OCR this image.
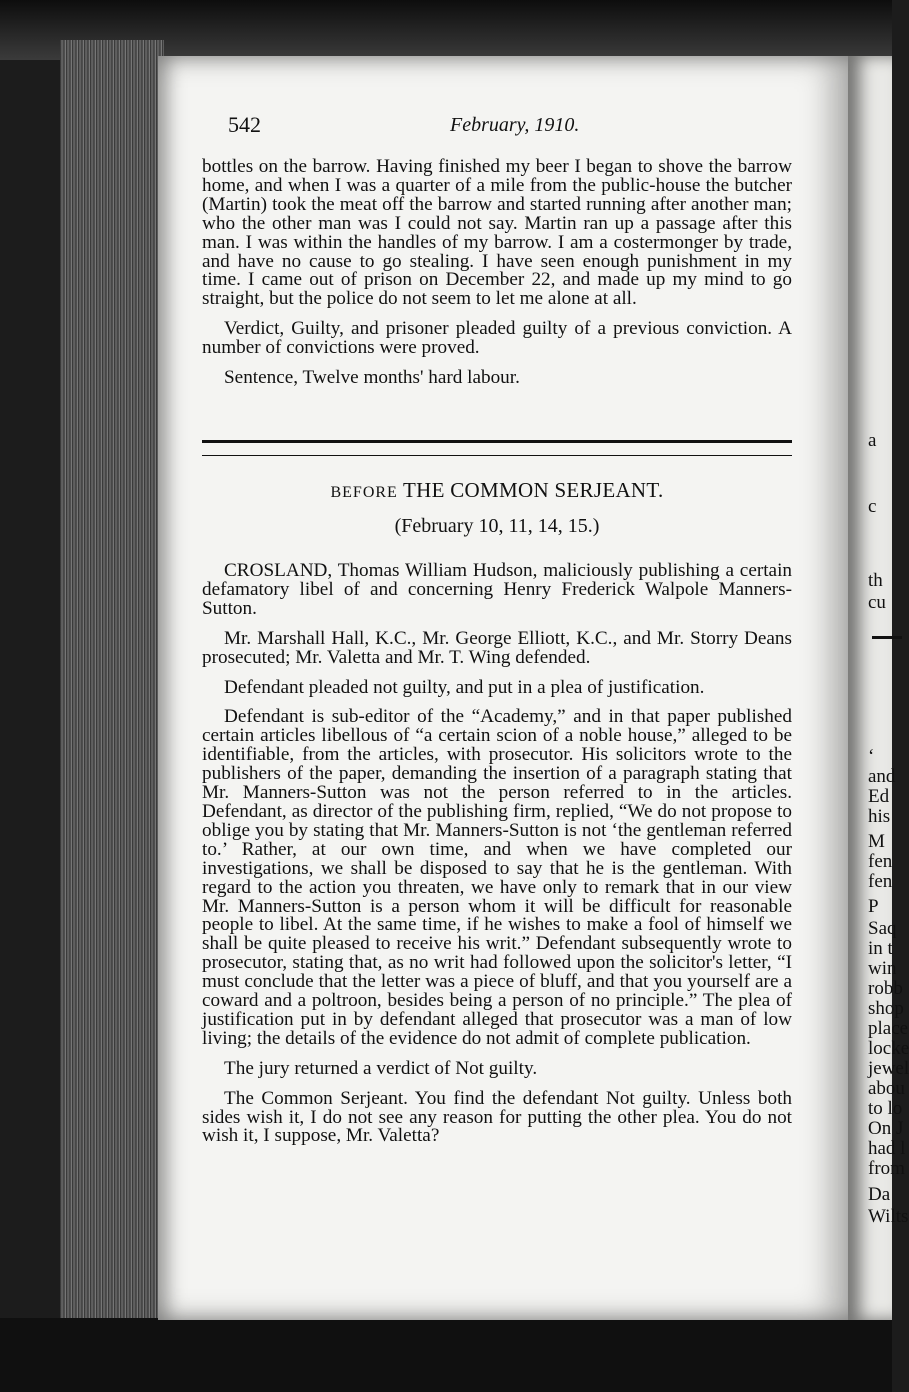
a
c
th
cu
‘
and
Ed
his
M
fen
fen
P
Saq
in t
win
robb
shop
place
locke
jewel
abou
to lo
On J
had l
from
Da
Wilts
542	February, 1910.

bottles on the barrow. Having finished my beer I began to shove the barrow home, and when I was a quarter of a mile from the public-house the butcher (Martin) took the meat off the barrow and started running after another man; who the other man was I could not say. Martin ran up a passage after this man. I was within the handles of my barrow. I am a costermonger by trade, and have no cause to go stealing. I have seen enough punishment in my time. I came out of prison on December 22, and made up my mind to go straight, but the police do not seem to let me alone at all.

Verdict, Guilty, and prisoner pleaded guilty of a previous conviction. A number of convictions were proved.

Sentence, Twelve months' hard labour.

BEFORE THE COMMON SERJEANT.
(February 10, 11, 14, 15.)

CROSLAND, Thomas William Hudson, maliciously publishing a certain defamatory libel of and concerning Henry Frederick Walpole Manners-Sutton.

Mr. Marshall Hall, K.C., Mr. George Elliott, K.C., and Mr. Storry Deans prosecuted; Mr. Valetta and Mr. T. Wing defended.

Defendant pleaded not guilty, and put in a plea of justification.

Defendant is sub-editor of the “Academy,” and in that paper published certain articles libellous of “a certain scion of a noble house,” alleged to be identifiable, from the articles, with prosecutor. His solicitors wrote to the publishers of the paper, demanding the insertion of a paragraph stating that Mr. Manners-Sutton was not the person referred to in the articles. Defendant, as director of the publishing firm, replied, “We do not propose to oblige you by stating that Mr. Manners-Sutton is not ‘the gentleman referred to.’ Rather, at our own time, and when we have completed our investigations, we shall be disposed to say that he is the gentleman. With regard to the action you threaten, we have only to remark that in our view Mr. Manners-Sutton is a person whom it will be difficult for reasonable people to libel. At the same time, if he wishes to make a fool of himself we shall be quite pleased to receive his writ.” Defendant subsequently wrote to prosecutor, stating that, as no writ had followed upon the solicitor's letter, “I must conclude that the letter was a piece of bluff, and that you yourself are a coward and a poltroon, besides being a person of no principle.” The plea of justification put in by defendant alleged that prosecutor was a man of low living; the details of the evidence do not admit of complete publication.

The jury returned a verdict of Not guilty.

The Common Serjeant. You find the defendant Not guilty. Unless both sides wish it, I do not see any reason for putting the other plea. You do not wish it, I suppose, Mr. Valetta?
